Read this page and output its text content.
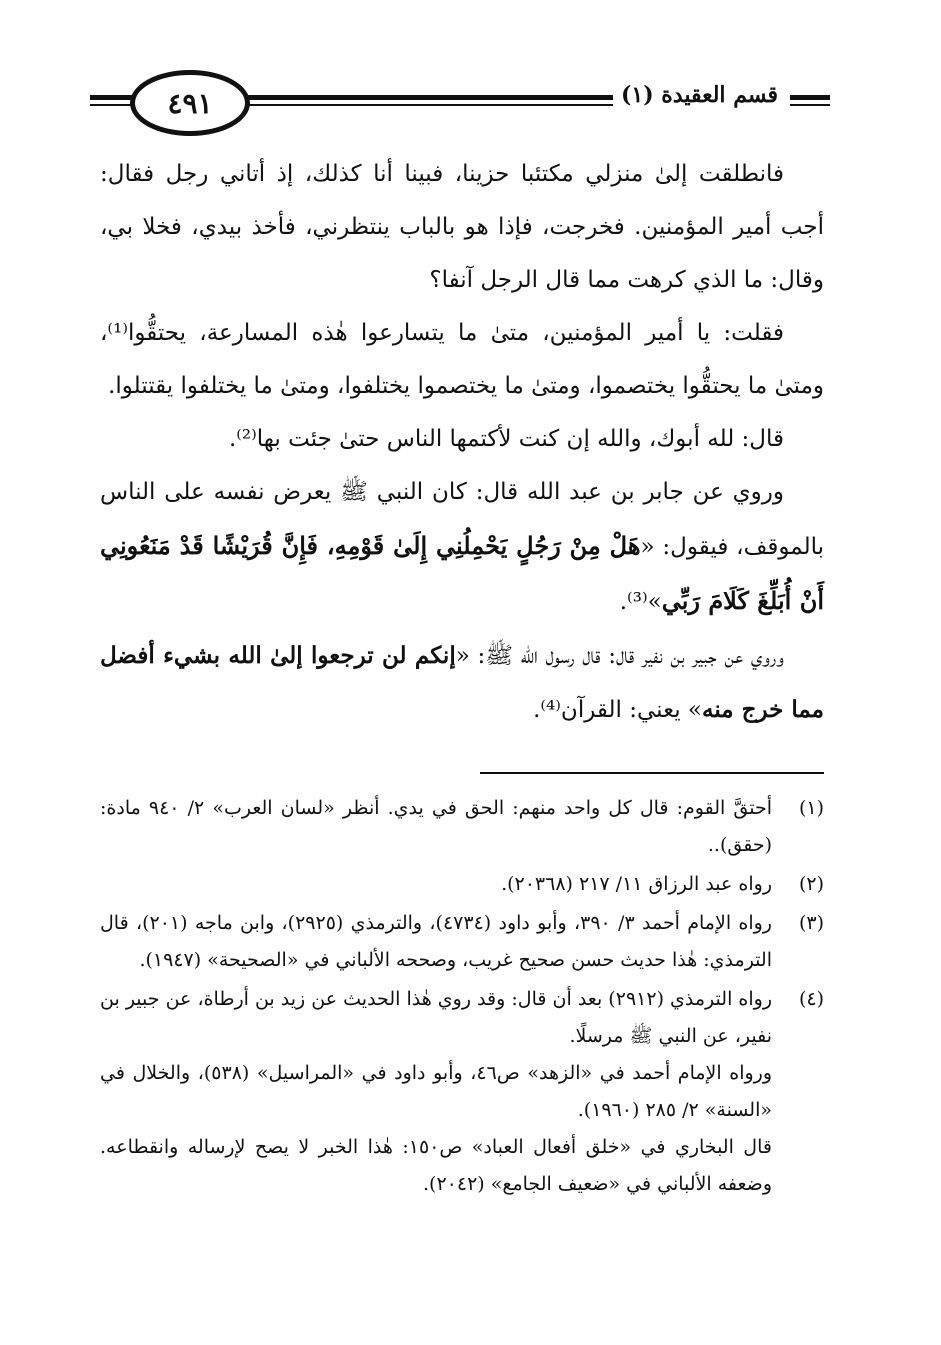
٤٩١	قسم العقيدة (١)

فانطلقت إلىٰ منزلي مكتئبا حزينا، فبينا أنا كذلك، إذ أتاني رجل فقال: أجب أمير المؤمنين. فخرجت، فإذا هو بالباب ينتظرني، فأخذ بيدي، فخلا بي، وقال: ما الذي كرهت مما قال الرجل آنفا؟

فقلت: يا أمير المؤمنين، متىٰ ما يتسارعوا هٰذه المسارعة، يحتقُّوا⁽¹⁾، ومتىٰ ما يحتقُّوا يختصموا، ومتىٰ ما يختصموا يختلفوا، ومتىٰ ما يختلفوا يقتتلوا.

قال: لله أبوك، والله إن كنت لأكتمها الناس حتىٰ جئت بها⁽²⁾.

وروي عن جابر بن عبد الله قال: كان النبي ﷺ يعرض نفسه على الناس بالموقف، فيقول: «هَلْ مِنْ رَجُلٍ يَحْمِلُنِي إِلَىٰ قَوْمِهِ، فَإِنَّ قُرَيْشًا قَدْ مَنَعُونِي أَنْ أُبَلِّغَ كَلَامَ رَبِّي»⁽³⁾.

وروي عن جبير بن نفير قال: قال رسول الله ﷺ: «إنكم لن ترجعوا إلىٰ الله بشيء أفضل مما خرج منه» يعني: القرآن⁽⁴⁾.

(١)

أحتقَّ القوم: قال كل واحد منهم: الحق في يدي. أنظر «لسان العرب» ٢/ ٩٤٠ مادة: (حقق)..

(٢)

رواه عبد الرزاق ١١/ ٢١٧ (٢٠٣٦٨).

(٣)

رواه الإمام أحمد ٣/ ٣٩٠، وأبو داود (٤٧٣٤)، والترمذي (٢٩٢٥)، وابن ماجه (٢٠١)، قال الترمذي: هٰذا حديث حسن صحيح غريب، وصححه الألباني في «الصحيحة» (١٩٤٧).

(٤)

رواه الترمذي (٢٩١٢) بعد أن قال: وقد روي هٰذا الحديث عن زيد بن أرطاة، عن جبير بن نفير، عن النبي ﷺ مرسلًا.

ورواه الإمام أحمد في «الزهد» ص٤٦، وأبو داود في «المراسيل» (٥٣٨)، والخلال في «السنة» ٢/ ٢٨٥ (١٩٦٠).

قال البخاري في «خلق أفعال العباد» ص١٥٠: هٰذا الخبر لا يصح لإرساله وانقطاعه. وضعفه الألباني في «ضعيف الجامع» (٢٠٤٢).
